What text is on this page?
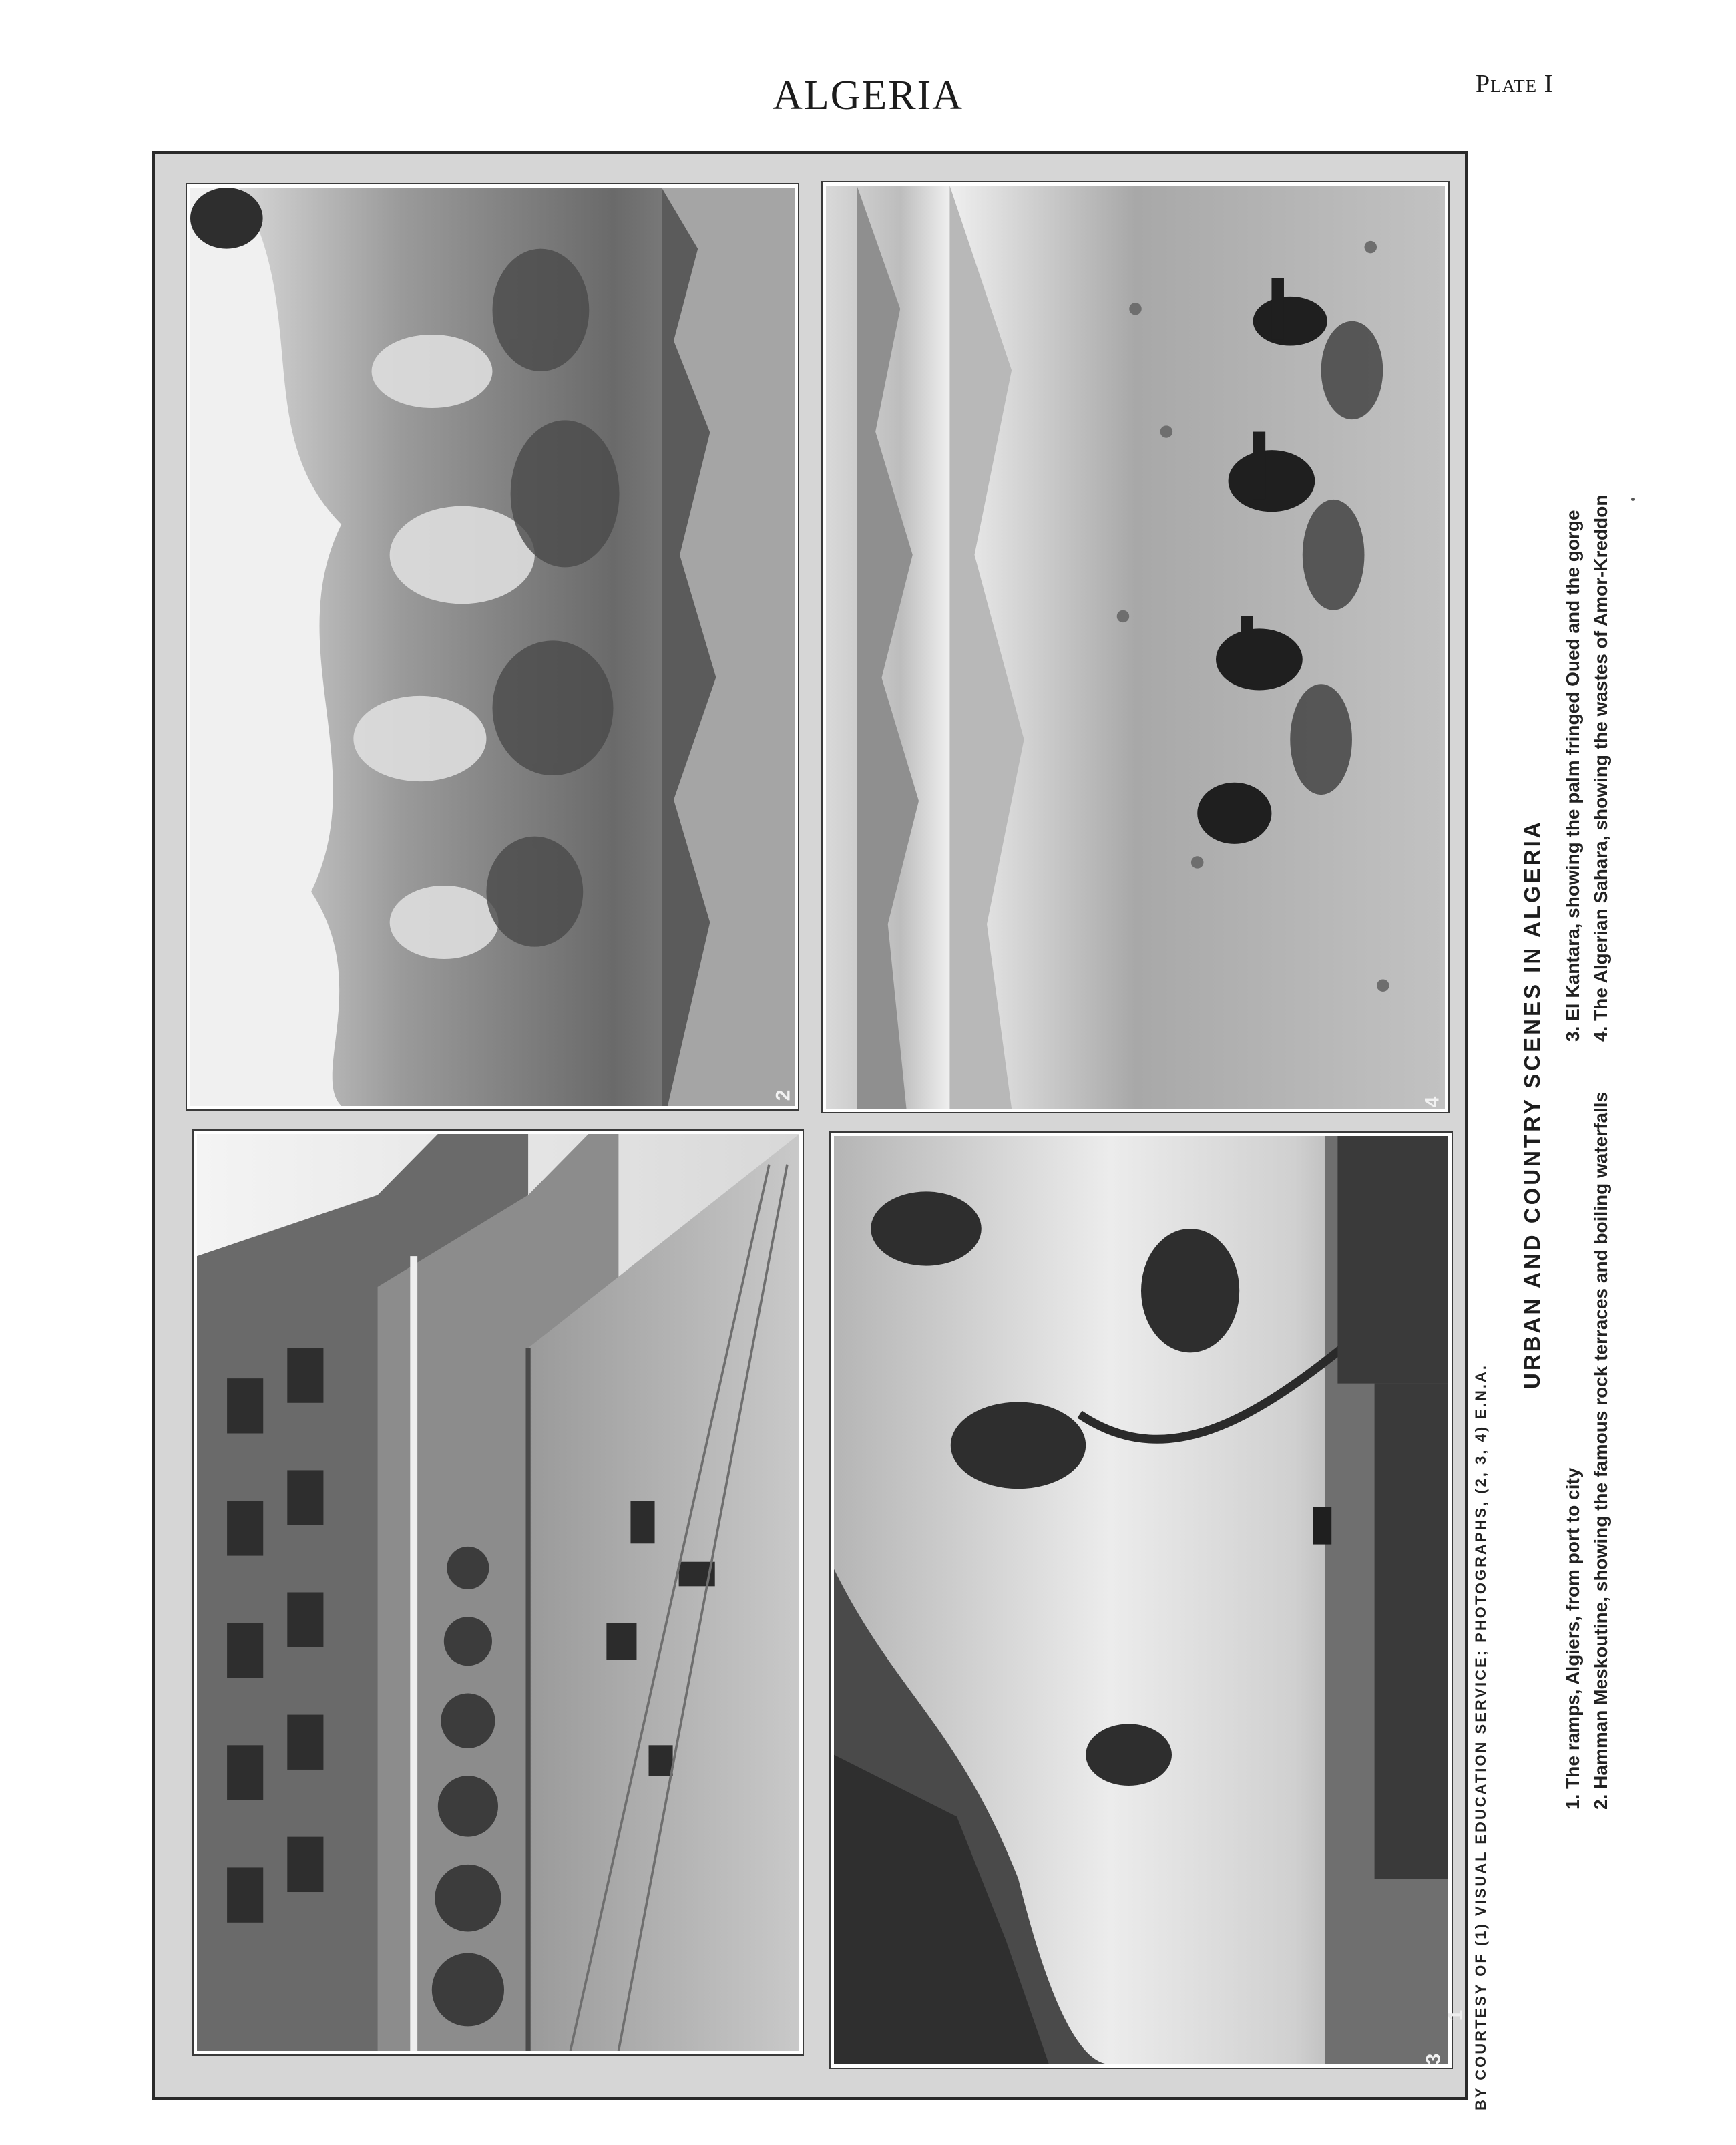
ALGERIA	Plate I
2
3
4
1 BY COURTESY OF (1) VISUAL EDUCATION SERVICE; PHOTOGRAPHS, (2, 3, 4) E.N.A.
URBAN AND COUNTRY SCENES IN ALGERIA
1. The ramps, Algiers, from port to city 2. Hamman Meskoutine, showing the famous rock terraces and boiling waterfalls
3. El Kantara, showing the palm fringed Oued and the gorge 4. The Algerian Sahara, showing the wastes of Amor-Kreddon
